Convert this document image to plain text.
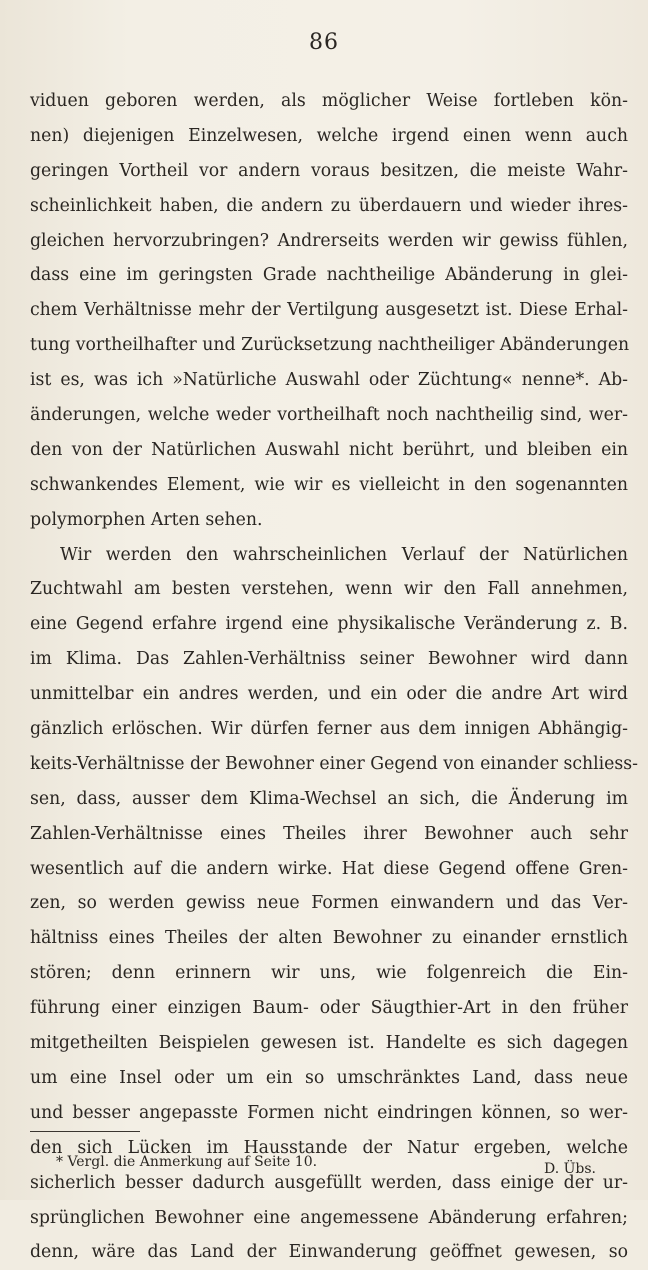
86
viduen geboren werden, als möglicher Weise fortleben kön-
nen) diejenigen Einzelwesen, welche irgend einen wenn auch
geringen Vortheil vor andern voraus besitzen, die meiste Wahr-
scheinlichkeit haben, die andern zu überdauern und wieder ihres-
gleichen hervorzubringen? Andrerseits werden wir gewiss fühlen,
dass eine im geringsten Grade nachtheilige Abänderung in glei-
chem Verhältnisse mehr der Vertilgung ausgesetzt ist. Diese Erhal-
tung vortheilhafter und Zurücksetzung nachtheiliger Abänderungen
ist es, was ich »Natürliche Auswahl oder Züchtung« nenne*. Ab-
änderungen, welche weder vortheilhaft noch nachtheilig sind, wer-
den von der Natürlichen Auswahl nicht berührt, und bleiben ein
schwankendes Element, wie wir es vielleicht in den sogenannten
polymorphen Arten sehen.
Wir werden den wahrscheinlichen Verlauf der Natürlichen
Zuchtwahl am besten verstehen, wenn wir den Fall annehmen,
eine Gegend erfahre irgend eine physikalische Veränderung z. B.
im Klima. Das Zahlen-Verhältniss seiner Bewohner wird dann
unmittelbar ein andres werden, und ein oder die andre Art wird
gänzlich erlöschen. Wir dürfen ferner aus dem innigen Abhängig-
keits-Verhältnisse der Bewohner einer Gegend von einander schliess-
sen, dass, ausser dem Klima-Wechsel an sich, die Änderung im
Zahlen-Verhältnisse eines Theiles ihrer Bewohner auch sehr
wesentlich auf die andern wirke. Hat diese Gegend offene Gren-
zen, so werden gewiss neue Formen einwandern und das Ver-
hältniss eines Theiles der alten Bewohner zu einander ernstlich
stören; denn erinnern wir uns, wie folgenreich die Ein-
führung einer einzigen Baum- oder Säugthier-Art in den früher
mitgetheilten Beispielen gewesen ist. Handelte es sich dagegen
um eine Insel oder um ein so umschränktes Land, dass neue
und besser angepasste Formen nicht eindringen können, so wer-
den sich Lücken im Hausstande der Natur ergeben, welche
sicherlich besser dadurch ausgefüllt werden, dass einige der ur-
sprünglichen Bewohner eine angemessene Abänderung erfahren;
denn, wäre das Land der Einwanderung geöffnet gewesen, so
* Vergl. die Anmerkung auf Seite 10.	D. Übs.
